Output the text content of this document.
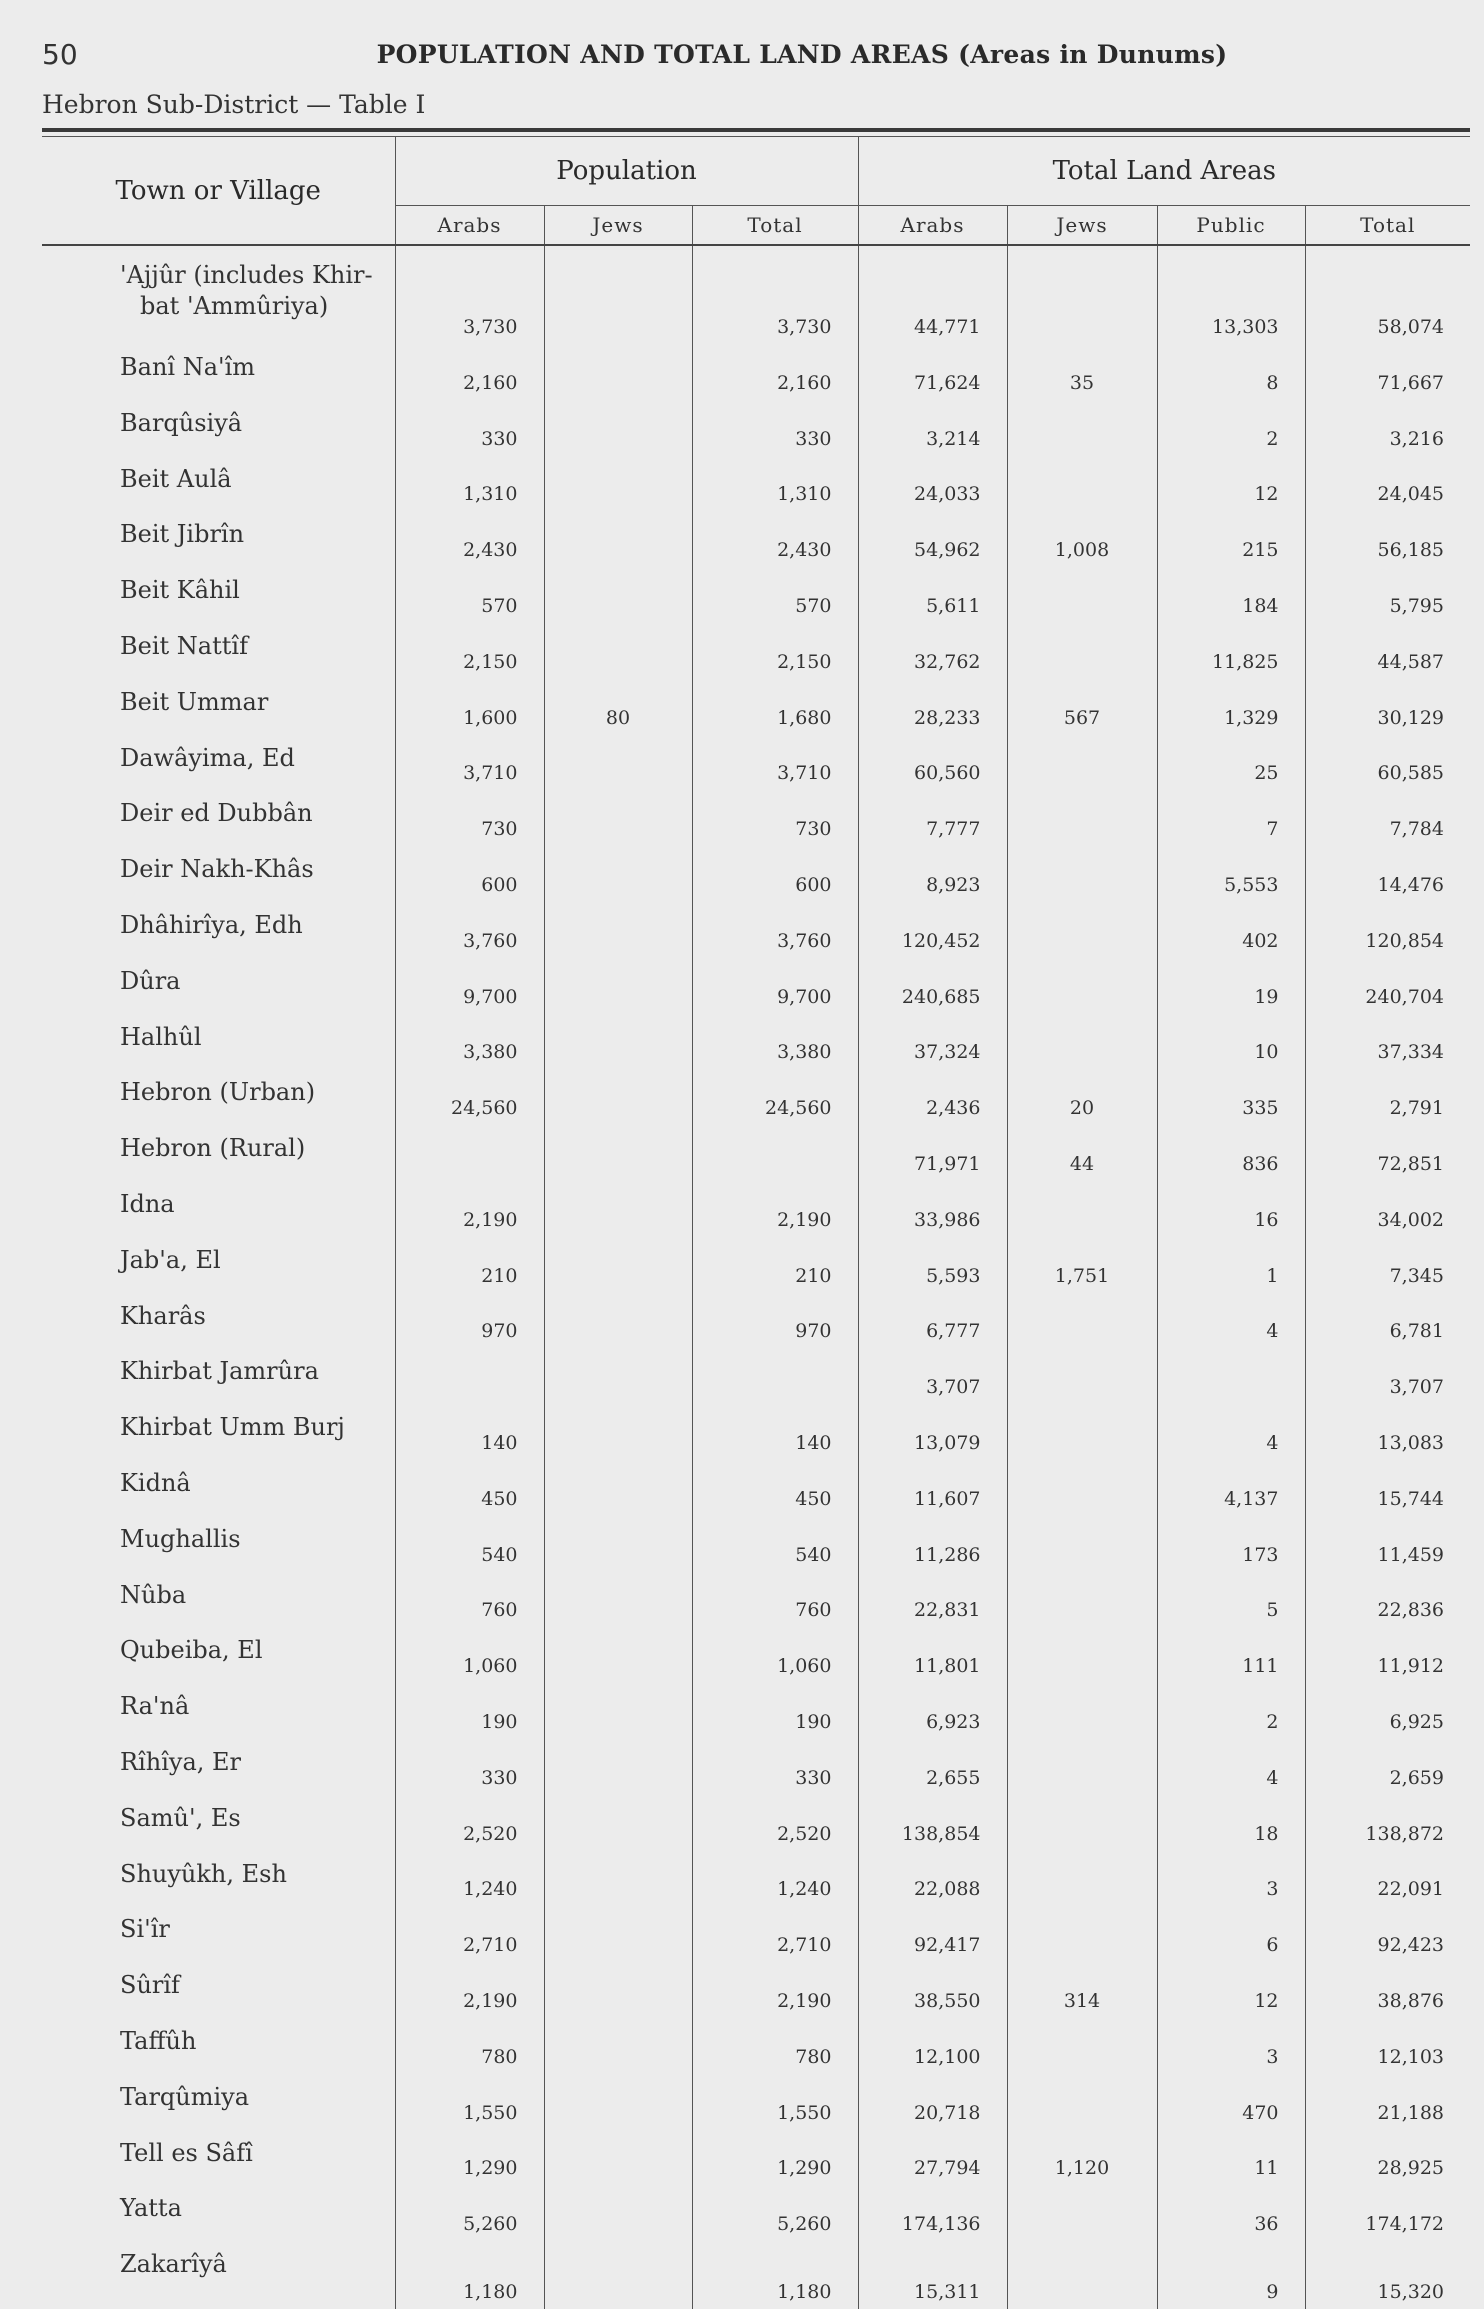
50	POPULATION AND TOTAL LAND AREAS (Areas in Dunums)
Hebron Sub-District — Table I
Town or Village	Population			Total Land Areas			
	Arabs	Jews	Total	Arabs	Jews	Public	Total

'Ajjûr (includes Khir-
bat 'Ammûriya)	3,730		3,730	44,771		13,303	58,074

Banî Na'îm	2,160		2,160	71,624	35	8	71,667

Barqûsiyâ	330		330	3,214		2	3,216

Beit Aulâ	1,310		1,310	24,033		12	24,045

Beit Jibrîn	2,430		2,430	54,962	1,008	215	56,185

Beit Kâhil	570		570	5,611		184	5,795

Beit Nattîf	2,150		2,150	32,762		11,825	44,587

Beit Ummar	1,600	80	1,680	28,233	567	1,329	30,129

Dawâyima, Ed	3,710		3,710	60,560		25	60,585

Deir ed Dubbân	730		730	7,777		7	7,784

Deir Nakh-Khâs	600		600	8,923		5,553	14,476

Dhâhirîya, Edh	3,760		3,760	120,452		402	120,854

Dûra	9,700		9,700	240,685		19	240,704

Halhûl	3,380		3,380	37,324		10	37,334

Hebron (Urban)	24,560		24,560	2,436	20	335	2,791

Hebron (Rural)				71,971	44	836	72,851

Idna	2,190		2,190	33,986		16	34,002

Jab'a, El	210		210	5,593	1,751	1	7,345

Kharâs	970		970	6,777		4	6,781

Khirbat Jamrûra				3,707			3,707

Khirbat Umm Burj	140		140	13,079		4	13,083

Kidnâ	450		450	11,607		4,137	15,744

Mughallis	540		540	11,286		173	11,459

Nûba	760		760	22,831		5	22,836

Qubeiba, El	1,060		1,060	11,801		111	11,912

Ra'nâ	190		190	6,923		2	6,925

Rîhîya, Er	330		330	2,655		4	2,659

Samû', Es	2,520		2,520	138,854		18	138,872

Shuyûkh, Esh	1,240		1,240	22,088		3	22,091

Si'îr	2,710		2,710	92,417		6	92,423

Sûrîf	2,190		2,190	38,550	314	12	38,876

Taffûh	780		780	12,100		3	12,103

Tarqûmiya	1,550		1,550	20,718		470	21,188

Tell es Sâfî	1,290		1,290	27,794	1,120	11	28,925

Yatta	5,260		5,260	174,136		36	174,172

Zakarîyâ	1,180		1,180	15,311		9	15,320
